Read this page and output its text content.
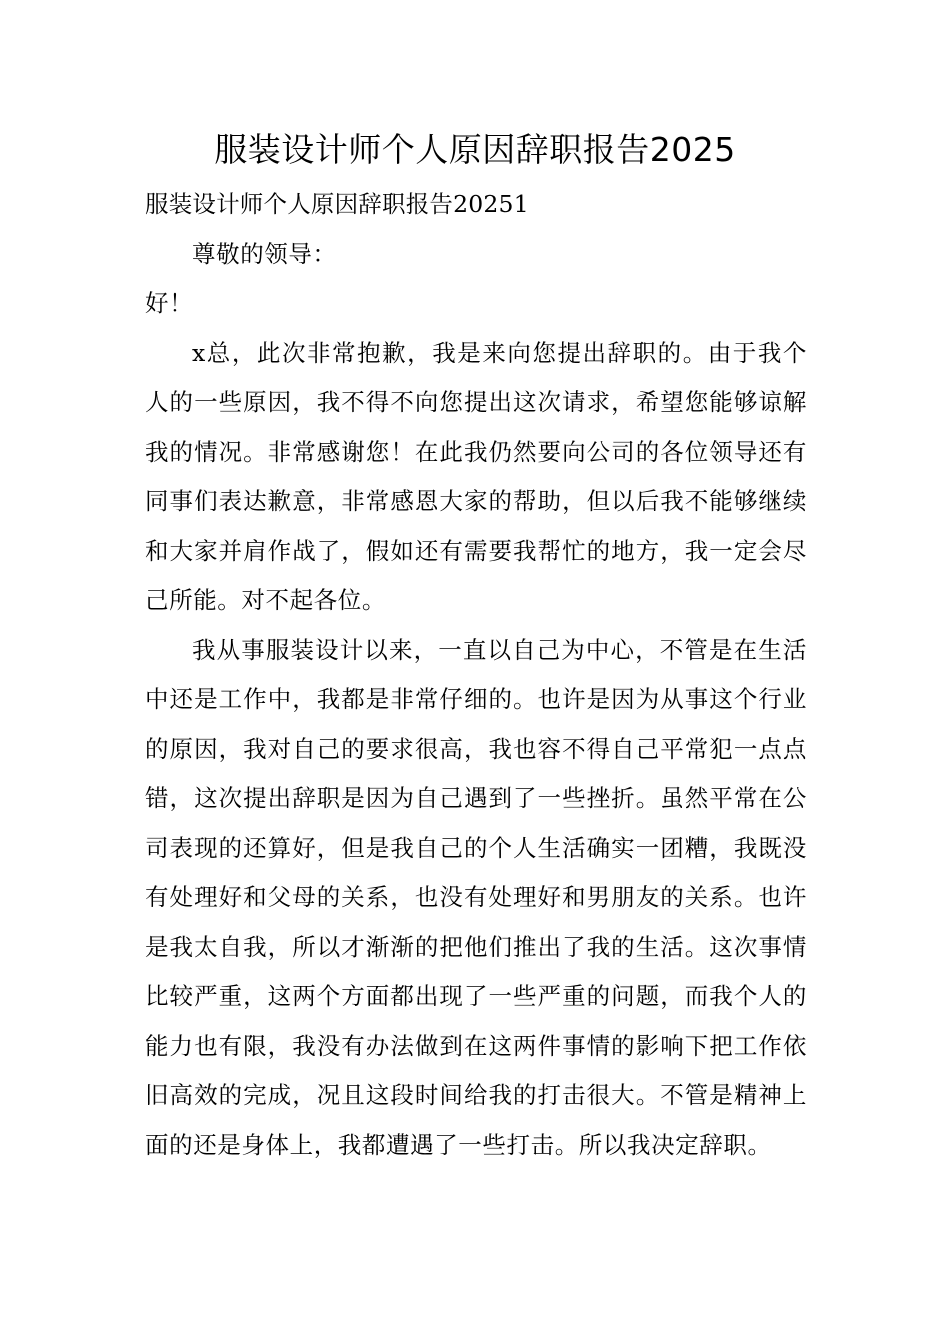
服装设计师个人原因辞职报告2025

服装设计师个人原因辞职报告20251

尊敬的领导：

好！

x总，此次非常抱歉，我是来向您提出辞职的。由于我个人的一些原因，我不得不向您提出这次请求，希望您能够谅解我的情况。非常感谢您！在此我仍然要向公司的各位领导还有同事们表达歉意，非常感恩大家的帮助，但以后我不能够继续和大家并肩作战了，假如还有需要我帮忙的地方，我一定会尽己所能。对不起各位。

我从事服装设计以来，一直以自己为中心，不管是在生活中还是工作中，我都是非常仔细的。也许是因为从事这个行业的原因，我对自己的要求很高，我也容不得自己平常犯一点点错，这次提出辞职是因为自己遇到了一些挫折。虽然平常在公司表现的还算好，但是我自己的个人生活确实一团糟，我既没有处理好和父母的关系，也没有处理好和男朋友的关系。也许是我太自我，所以才渐渐的把他们推出了我的生活。这次事情比较严重，这两个方面都出现了一些严重的问题，而我个人的能力也有限，我没有办法做到在这两件事情的影响下把工作依旧高效的完成，况且这段时间给我的打击很大。不管是精神上面的还是身体上，我都遭遇了一些打击。所以我决定辞职。
